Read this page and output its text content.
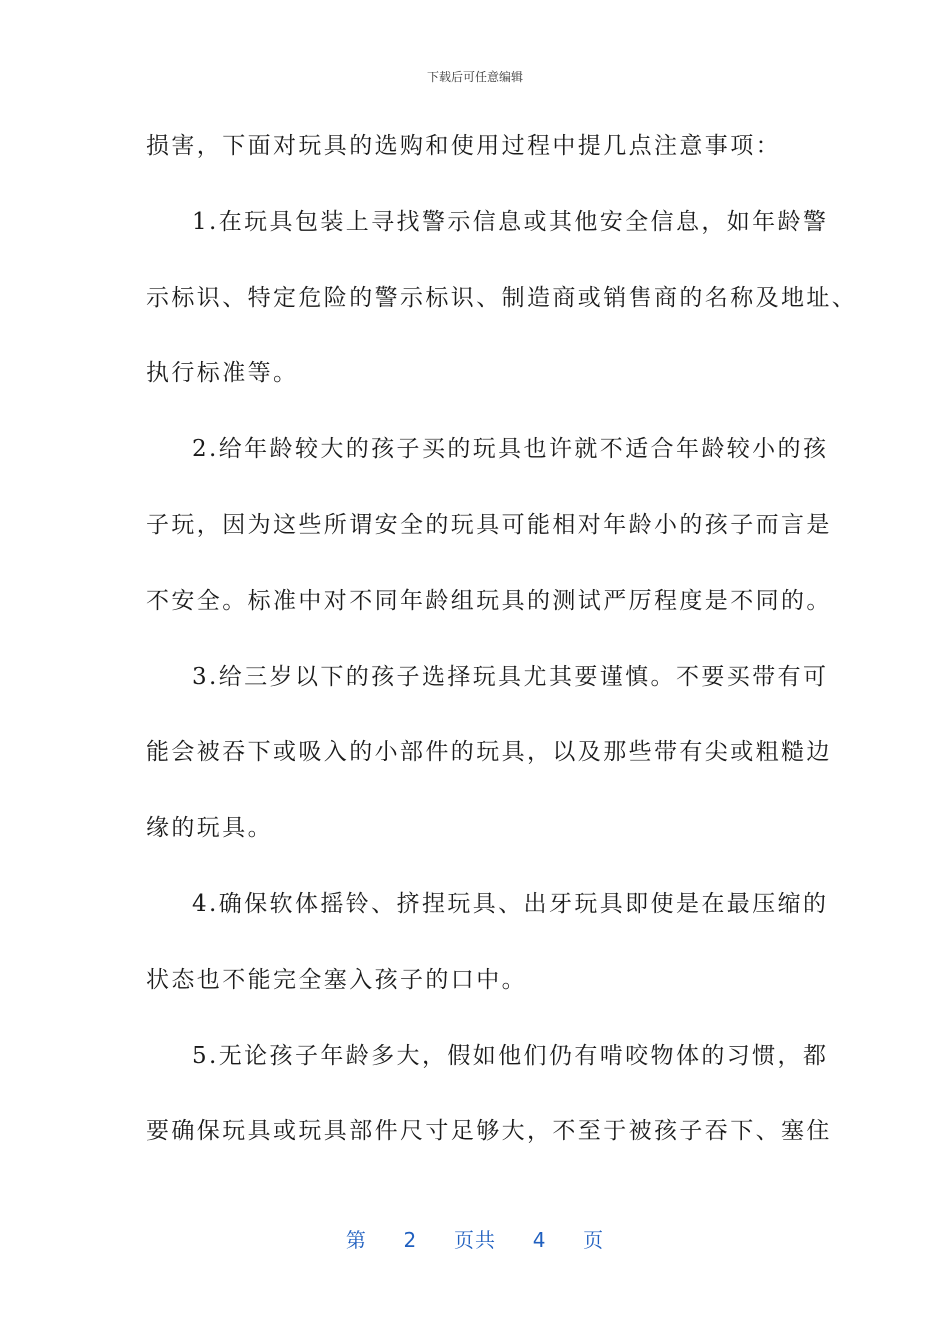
下载后可任意编辑
损害，下面对玩具的选购和使用过程中提几点注意事项：
1.在玩具包装上寻找警示信息或其他安全信息，如年龄警
示标识、特定危险的警示标识、制造商或销售商的名称及地址、
执行标准等。
2.给年龄较大的孩子买的玩具也许就不适合年龄较小的孩
子玩，因为这些所谓安全的玩具可能相对年龄小的孩子而言是
不安全。标准中对不同年龄组玩具的测试严厉程度是不同的。
3.给三岁以下的孩子选择玩具尤其要谨慎。不要买带有可
能会被吞下或吸入的小部件的玩具，以及那些带有尖或粗糙边
缘的玩具。
4.确保软体摇铃、挤捏玩具、出牙玩具即使是在最压缩的
状态也不能完全塞入孩子的口中。
5.无论孩子年龄多大，假如他们仍有啃咬物体的习惯，都
要确保玩具或玩具部件尺寸足够大，不至于被孩子吞下、塞住
第 2 页共 4 页
